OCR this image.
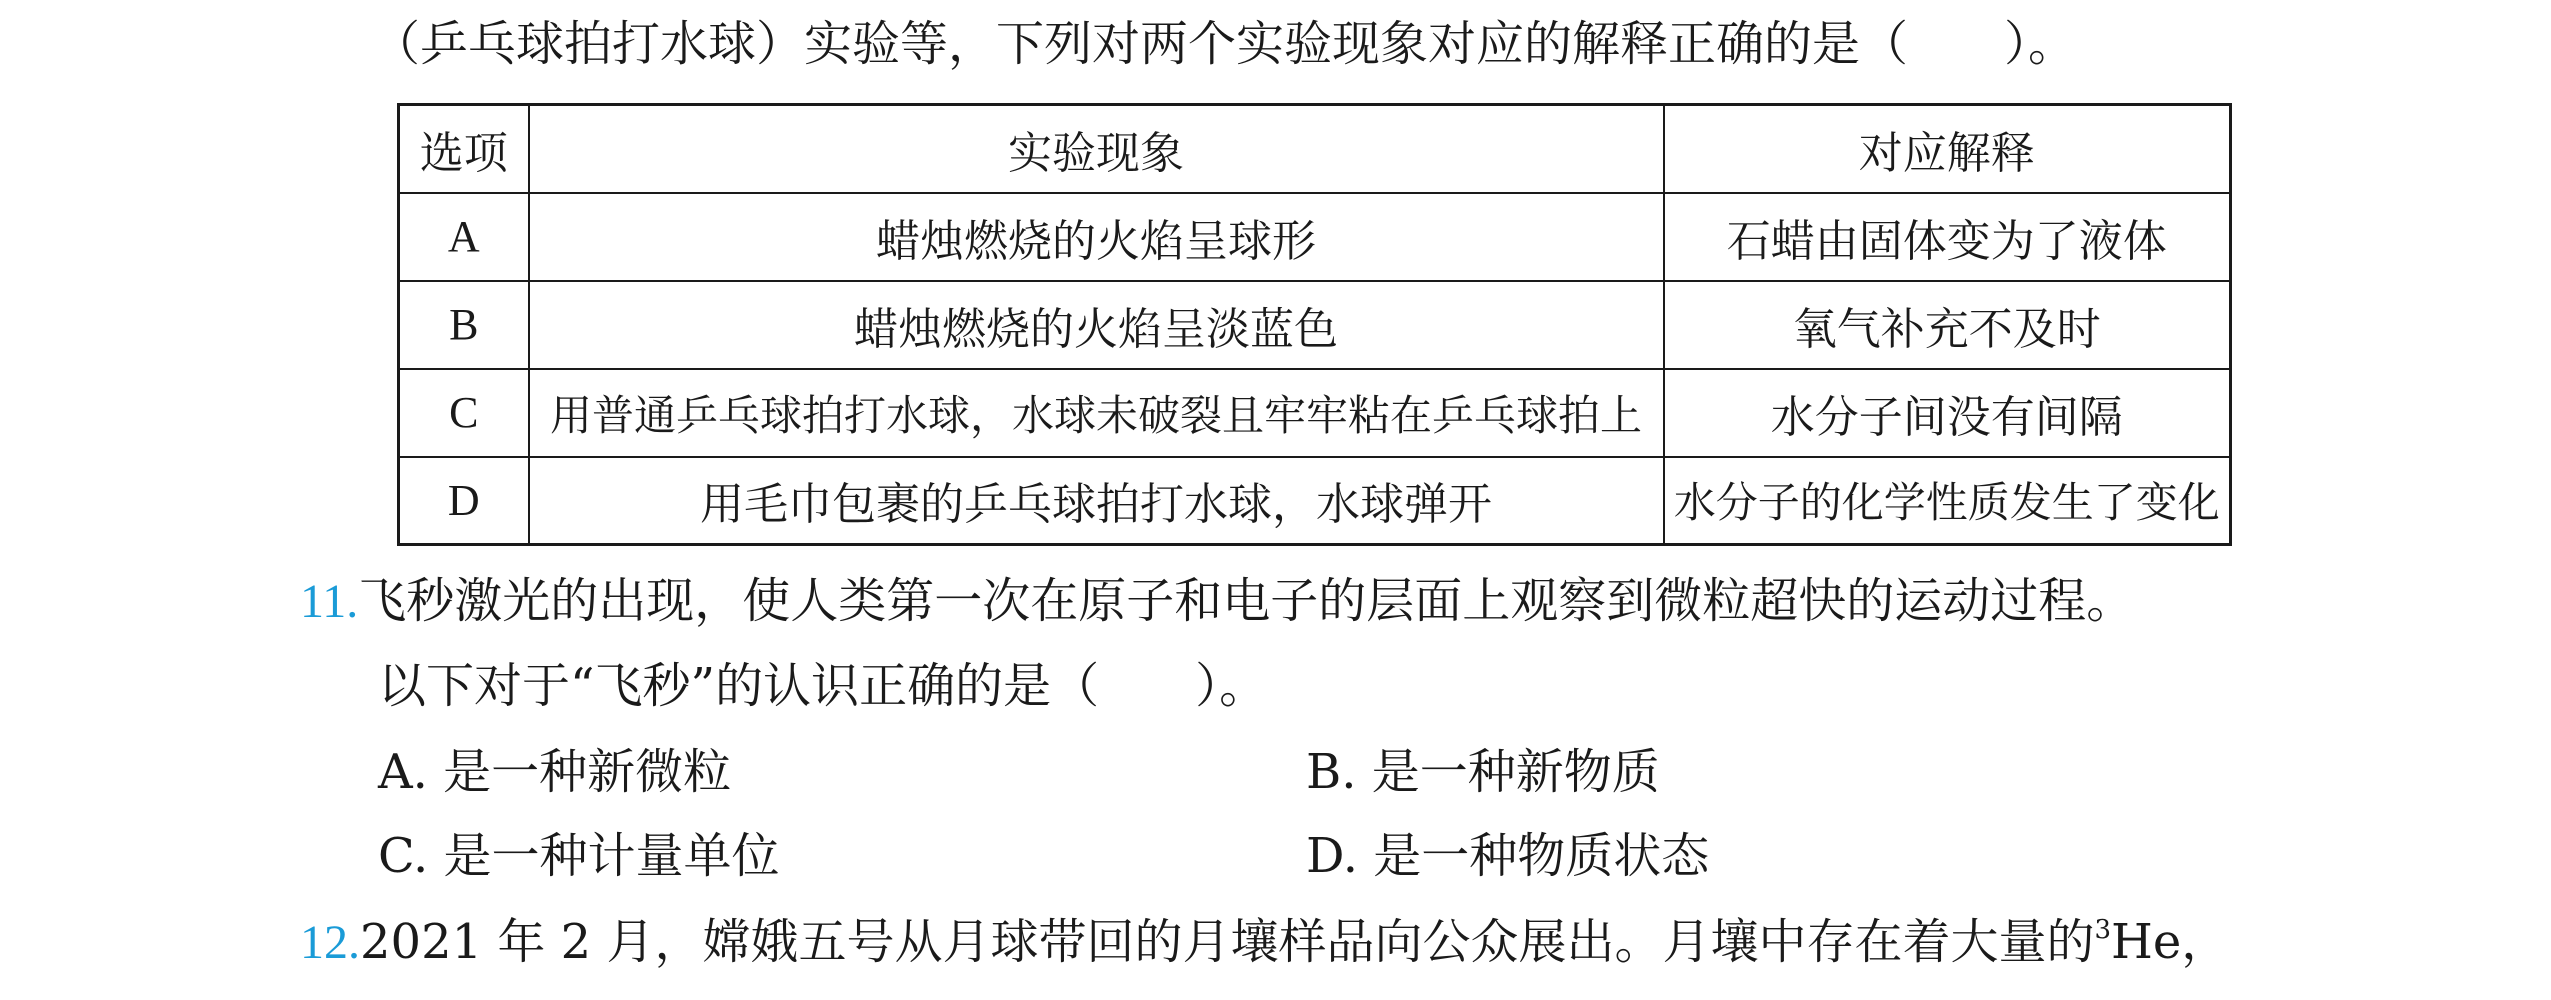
（乒乓球拍打水球）实验等，下列对两个实验现象对应的解释正确的是（　　）。
选项	实验现象	对应解释
A	蜡烛燃烧的火焰呈球形	石蜡由固体变为了液体
B	蜡烛燃烧的火焰呈淡蓝色	氧气补充不及时
C	用普通乒乓球拍打水球，水球未破裂且牢牢粘在乒乓球拍上	水分子间没有间隔
D	用毛巾包裹的乒乓球拍打水球，水球弹开	水分子的化学性质发生了变化
11.飞秒激光的出现，使人类第一次在原子和电子的层面上观察到微粒超快的运动过程。
以下对于“飞秒”的认识正确的是（　　）。
A. 是一种新微粒	B. 是一种新物质
C. 是一种计量单位	D. 是一种物质状态
12.2021 年 2 月，嫦娥五号从月球带回的月壤样品向公众展出。月壤中存在着大量的$^3$He，
